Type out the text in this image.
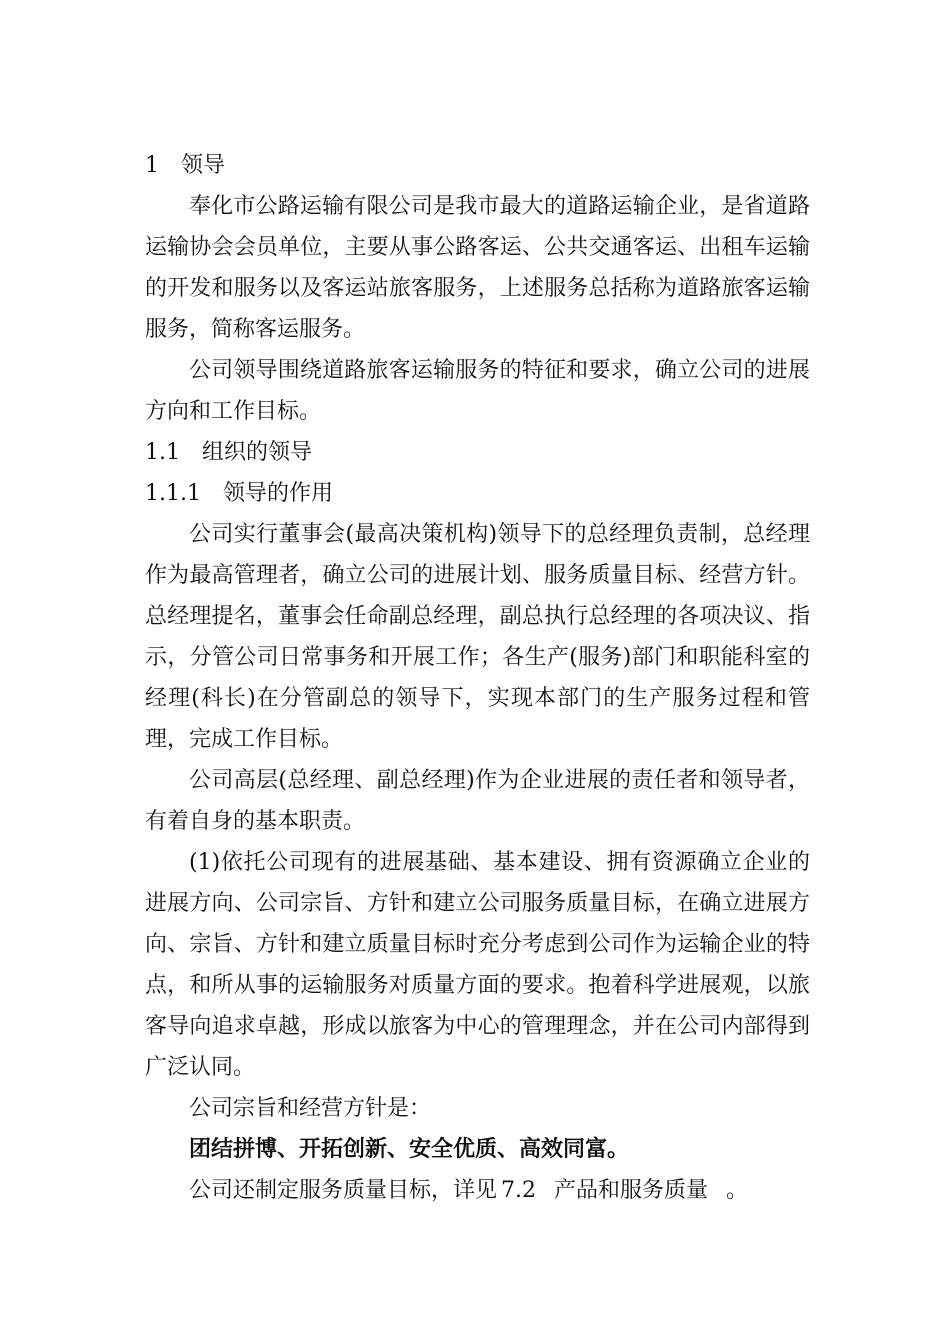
1 领导

奉化市公路运输有限公司是我市最大的道路运输企业，是省道路运输协会会员单位，主要从事公路客运、公共交通客运、出租车运输的开发和服务以及客运站旅客服务，上述服务总括称为道路旅客运输服务，简称客运服务。

公司领导围绕道路旅客运输服务的特征和要求，确立公司的进展方向和工作目标。

1.1 组织的领导
1.1.1 领导的作用

公司实行董事会(最高决策机构)领导下的总经理负责制，总经理作为最高管理者，确立公司的进展计划、服务质量目标、经营方针。总经理提名，董事会任命副总经理，副总执行总经理的各项决议、指示，分管公司日常事务和开展工作；各生产(服务)部门和职能科室的经理(科长)在分管副总的领导下，实现本部门的生产服务过程和管理，完成工作目标。

公司高层(总经理、副总经理)作为企业进展的责任者和领导者，有着自身的基本职责。

(1)依托公司现有的进展基础、基本建设、拥有资源确立企业的进展方向、公司宗旨、方针和建立公司服务质量目标，在确立进展方向、宗旨、方针和建立质量目标时充分考虑到公司作为运输企业的特点，和所从事的运输服务对质量方面的要求。抱着科学进展观，以旅客导向追求卓越，形成以旅客为中心的管理理念，并在公司内部得到广泛认同。

公司宗旨和经营方针是：

团结拼博、开拓创新、安全优质、高效同富。

公司还制定服务质量目标，详见 7.2 产品和服务质量 。
